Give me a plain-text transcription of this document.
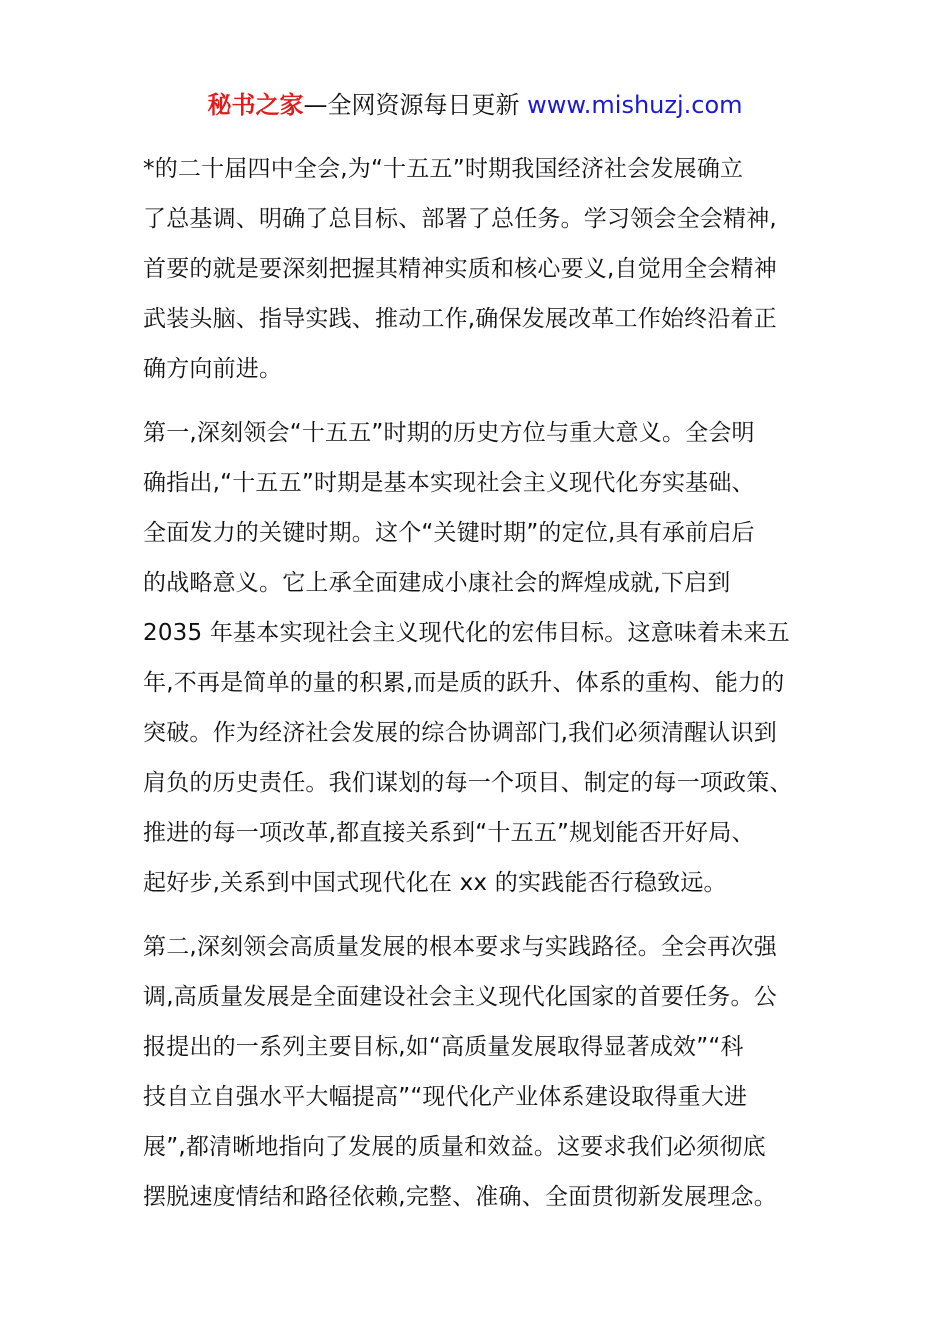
秘书之家—全网资源每日更新 www.mishuzj.com
*的二十届四中全会,为“十五五”时期我国经济社会发展确立
了总基调、明确了总目标、部署了总任务。学习领会全会精神,
首要的就是要深刻把握其精神实质和核心要义,自觉用全会精神
武装头脑、指导实践、推动工作,确保发展改革工作始终沿着正
确方向前进。
第一,深刻领会“十五五”时期的历史方位与重大意义。全会明
确指出,“十五五”时期是基本实现社会主义现代化夯实基础、
全面发力的关键时期。这个“关键时期”的定位,具有承前启后
的战略意义。它上承全面建成小康社会的辉煌成就,下启到
2035 年基本实现社会主义现代化的宏伟目标。这意味着未来五
年,不再是简单的量的积累,而是质的跃升、体系的重构、能力的
突破。作为经济社会发展的综合协调部门,我们必须清醒认识到
肩负的历史责任。我们谋划的每一个项目、制定的每一项政策、
推进的每一项改革,都直接关系到“十五五”规划能否开好局、
起好步,关系到中国式现代化在 xx 的实践能否行稳致远。
第二,深刻领会高质量发展的根本要求与实践路径。全会再次强
调,高质量发展是全面建设社会主义现代化国家的首要任务。公
报提出的一系列主要目标,如“高质量发展取得显著成效”“科
技自立自强水平大幅提高”“现代化产业体系建设取得重大进
展”,都清晰地指向了发展的质量和效益。这要求我们必须彻底
摆脱速度情结和路径依赖,完整、准确、全面贯彻新发展理念。
